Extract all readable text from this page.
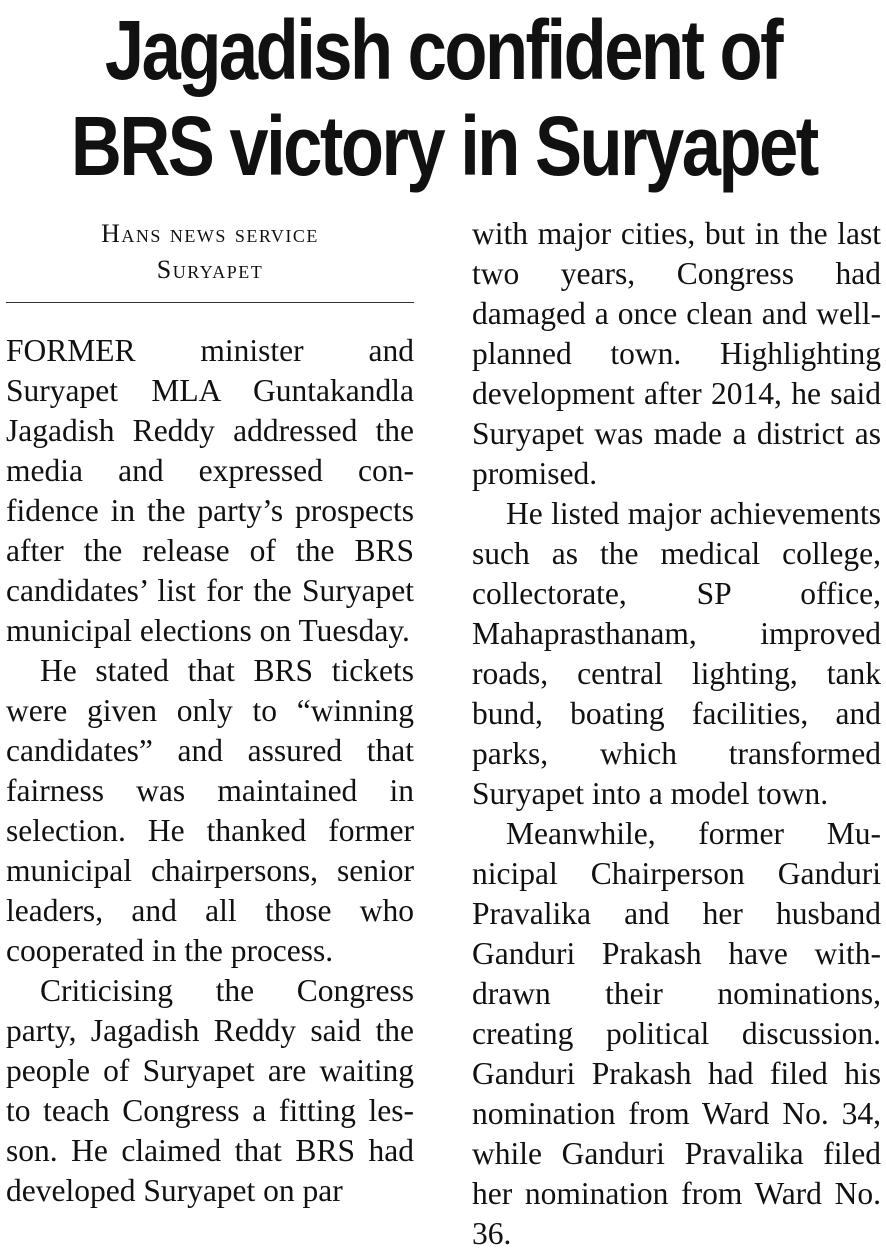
Jagadish confident of
BRS victory in Suryapet
Hans news service
Suryapet

FORMER minister and Suryapet MLA Guntakandla Jagadish Reddy addressed the media and expressed confidence in the party’s prospects after the release of the BRS candidates’ list for the Suryapet municipal elections on Tuesday.

He stated that BRS tickets were given only to “winning candidates” and assured that fairness was maintained in selection. He thanked former municipal chairpersons, senior leaders, and all those who cooperated in the process.

Criticising the Congress party, Jagadish Reddy said the people of Suryapet are waiting to teach Congress a fitting lesson. He claimed that BRS had developed Suryapet on par

with major cities, but in the last two years, Congress had damaged a once clean and well-planned town. Highlighting development after 2014, he said Suryapet was made a district as promised.

He listed major achievements such as the medical college, collectorate, SP office, Mahaprasthanam, improved roads, central lighting, tank bund, boating facilities, and parks, which transformed Suryapet into a model town.

Meanwhile, former Municipal Chairperson Ganduri Pravalika and her husband Ganduri Prakash have withdrawn their nominations, creating political discussion. Ganduri Prakash had filed his nomination from Ward No. 34, while Ganduri Pravalika filed her nomination from Ward No. 36.
